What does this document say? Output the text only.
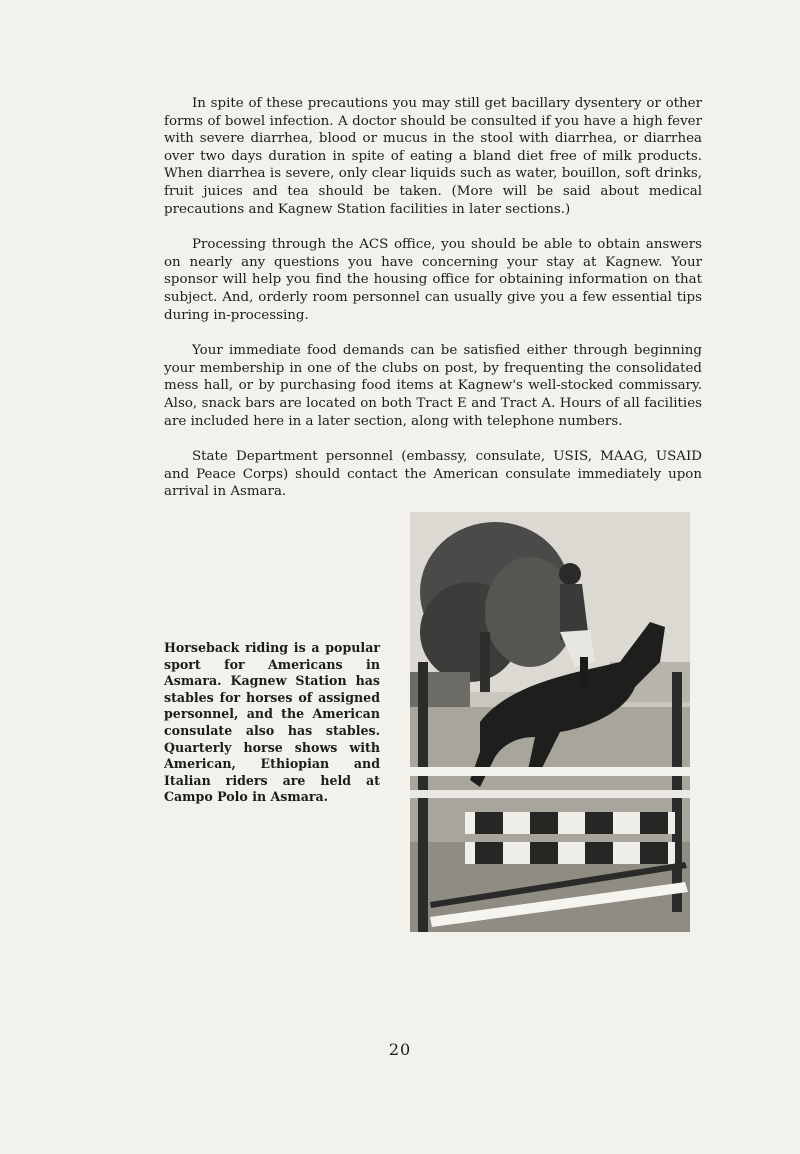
In spite of these precautions you may still get bacillary dysentery or other forms of bowel infection. A doctor should be consulted if you have a high fever with severe diarrhea, blood or mucus in the stool with diarrhea, or diarrhea over two days duration in spite of eating a bland diet free of milk products. When diarrhea is severe, only clear liquids such as water, bouillon, soft drinks, fruit juices and tea should be taken. (More will be said about medical precautions and Kagnew Station facilities in later sections.)

Processing through the ACS office, you should be able to obtain answers on nearly any questions you have concerning your stay at Kagnew. Your sponsor will help you find the housing office for obtaining information on that subject. And, orderly room personnel can usually give you a few essential tips during in-processing.

Your immediate food demands can be satisfied either through beginning your membership in one of the clubs on post, by frequenting the consolidated mess hall, or by purchasing food items at Kagnew's well-stocked commissary. Also, snack bars are located on both Tract E and Tract A. Hours of all facilities are included here in a later section, along with telephone numbers.

State Department personnel (embassy, consulate, USIS, MAAG, USAID and Peace Corps) should contact the American consulate immediately upon arrival in Asmara.

Horseback riding is a popular sport for Americans in Asmara. Kagnew Station has stables for horses of assigned personnel, and the American consulate also has stables. Quarterly horse shows with American, Ethiopian and Italian riders are held at Campo Polo in Asmara.
20
